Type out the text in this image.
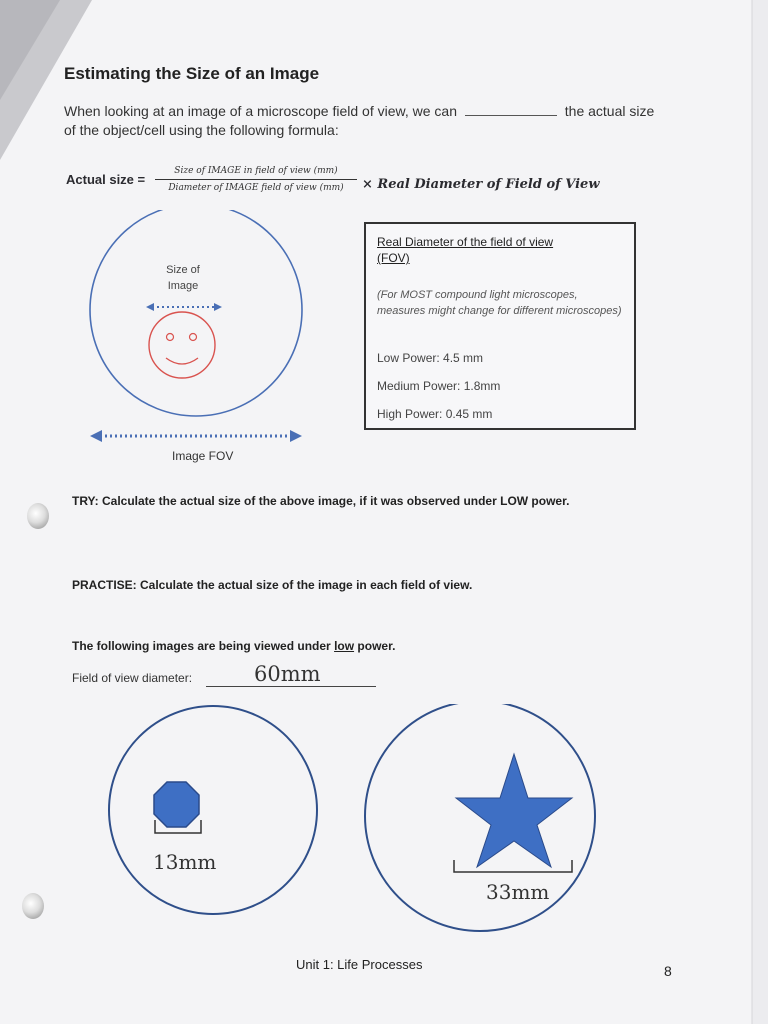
Estimating the Size of an Image
When looking at an image of a microscope field of view, we can	the actual size
of the object/cell using the following formula:
Actual size =
Size of IMAGE in field of view (mm)
Diameter of IMAGE field of view (mm)	× Real Diameter of Field of View
Size of
Image
Image FOV
Real Diameter of the field of view
(FOV)
(For MOST compound light microscopes, measures might change for different microscopes)
Low Power: 4.5 mm
Medium Power: 1.8mm
High Power: 0.45 mm
TRY: Calculate the actual size of the above image, if it was observed under LOW power.
PRACTISE: Calculate the actual size of the image in each field of view.
The following images are being viewed under low power.
Field of view diameter:	60mm
13mm
33mm
Unit 1: Life Processes	8
